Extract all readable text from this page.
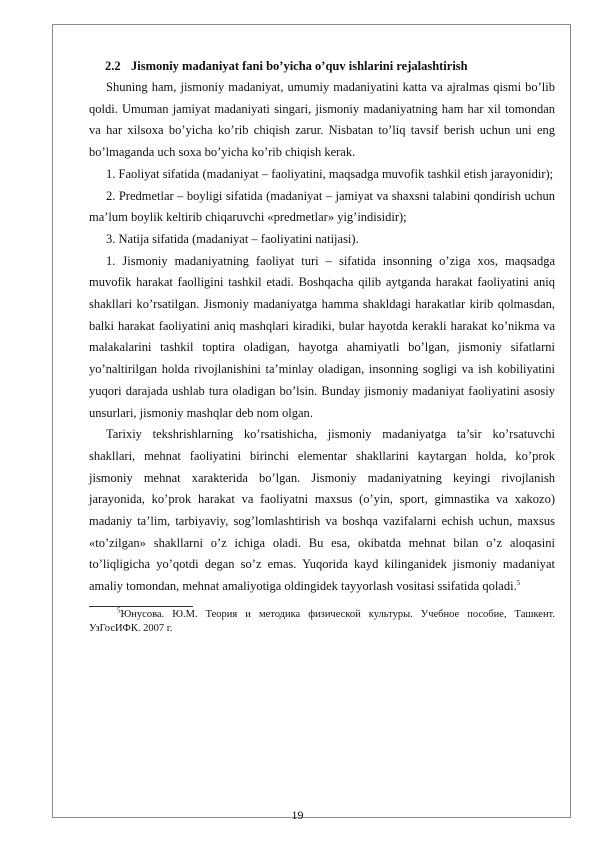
2.2 Jismoniy madaniyat fani bo’yicha o’quv ishlarini rejalashtirish

Shuning ham, jismoniy madaniyat, umumiy madaniyatini katta va ajralmas qismi bo’lib qoldi. Umuman jamiyat madaniyati singari, jismoniy madaniyatning ham har xil tomondan va har xilsoxa bo’yicha ko’rib chiqish zarur. Nisbatan to’liq tavsif berish uchun uni eng bo’lmaganda uch soxa bo’yicha ko’rib chiqish kerak.

1. Faoliyat sifatida (madaniyat – faoliyatini, maqsadga muvofik tashkil etish jarayonidir);

2. Predmetlar – boyligi sifatida (madaniyat – jamiyat va shaxsni talabini qondirish uchun ma’lum boylik keltirib chiqaruvchi «predmetlar» yig’indisidir);

3. Natija sifatida (madaniyat – faoliyatini natijasi).

1. Jismoniy madaniyatning faoliyat turi – sifatida insonning o’ziga xos, maqsadga muvofik harakat faolligini tashkil etadi. Boshqacha qilib aytganda harakat faoliyatini aniq shakllari ko’rsatilgan. Jismoniy madaniyatga hamma shakldagi harakatlar kirib qolmasdan, balki harakat faoliyatini aniq mashqlari kiradiki, bular hayotda kerakli harakat ko’nikma va malakalarini tashkil toptira oladigan, hayotga ahamiyatli bo’lgan, jismoniy sifatlarni yo’naltirilgan holda rivojlanishini ta’minlay oladigan, insonning sogligi va ish kobiliyatini yuqori darajada ushlab tura oladigan bo’lsin. Bunday jismoniy madaniyat faoliyatini asosiy unsurlari, jismoniy mashqlar deb nom olgan.

Tarixiy tekshrishlarning ko’rsatishicha, jismoniy madaniyatga ta’sir ko’rsatuvchi shakllari, mehnat faoliyatini birinchi elementar shakllarini kaytargan holda, ko’prok jismoniy mehnat xarakterida bo’lgan. Jismoniy madaniyatning keyingi rivojlanish jarayonida, ko’prok harakat va faoliyatni maxsus (o’yin, sport, gimnastika va xakozo) madaniy ta’lim, tarbiyaviy, sog’lomlashtirish va boshqa vazifalarni echish uchun, maxsus «to’zilgan» shakllarni o’z ichiga oladi. Bu esa, okibatda mehnat bilan o’z aloqasini to’liqligicha yo’qotdi degan so’z emas. Yuqorida kayd kilinganidek jismoniy madaniyat amaliy tomondan, mehnat amaliyotiga oldingidek tayyorlash vositasi ssifatida qoladi.$^5$

$^5$Юнусова. Ю.М. Теория и методика физической культуры. Учебное пособие, Ташкент. УзГосИФК. 2007 г.

19
